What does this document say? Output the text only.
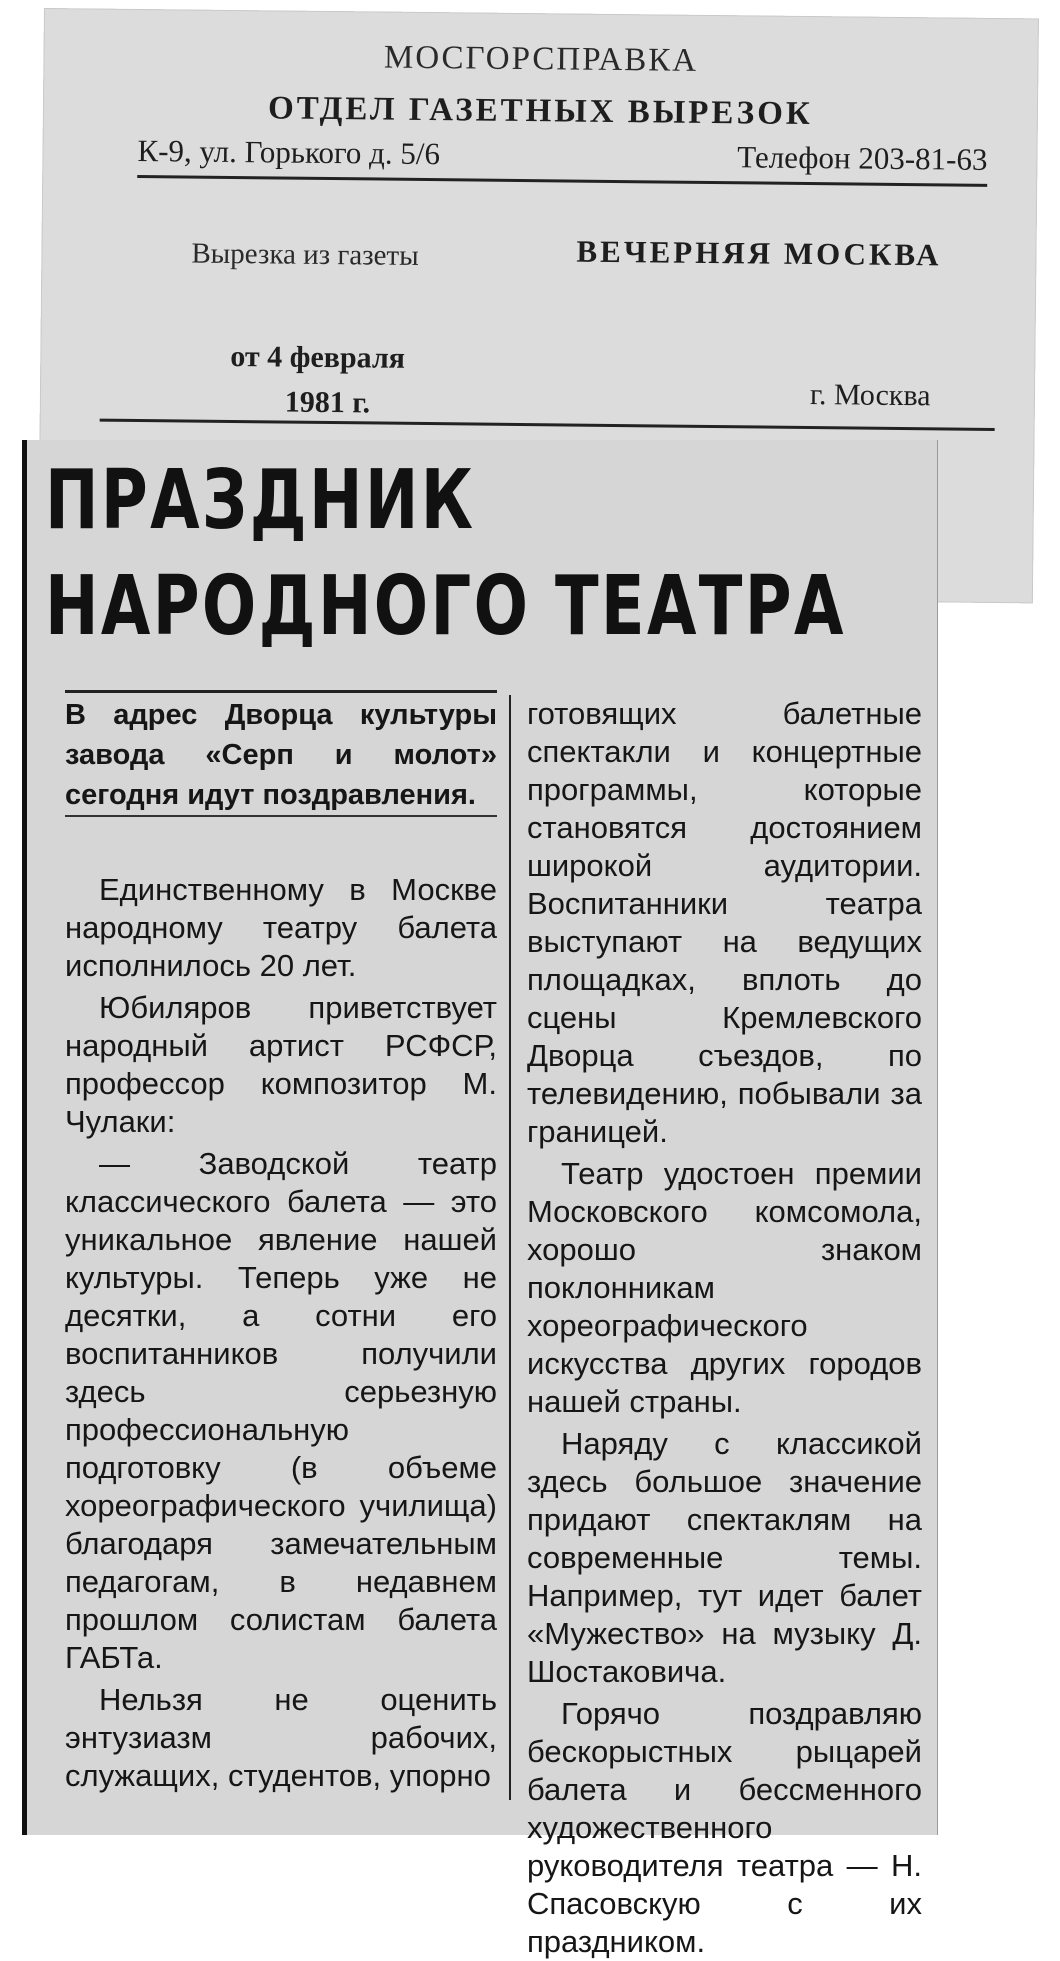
МОСГОРСПРАВКА
ОТДЕЛ ГАЗЕТНЫХ ВЫРЕЗОК
К-9, ул. Горького д. 5/6	Телефон 203-81-63
Вырезка из газеты	ВЕЧЕРНЯЯ МОСКВА
от 4 февраля
1981 г.	г. Москва
ПРАЗДНИК
НАРОДНОГО ТЕАТРА
В адрес Дворца культуры завода «Серп и молот» сегодня идут поздравления.

Единственному в Москве народному театру балета исполнилось 20 лет.

Юбиляров приветствует народный артист РСФСР, профессор композитор М. Чулаки:

— Заводской театр классического балета — это уникальное явление нашей культуры. Теперь уже не десятки, а сотни его воспитанников получили здесь серьезную профессиональную подготовку (в объеме хореографического училища) благодаря замечательным педагогам, в недавнем прошлом солистам балета ГАБТа.

Нельзя не оценить энтузиазм рабочих, служащих, студентов, упорно

готовящих балетные спектакли и концертные программы, которые становятся достоянием широкой аудитории. Воспитанники театра выступают на ведущих площадках, вплоть до сцены Кремлевского Дворца съездов, по телевидению, побывали за границей.

Театр удостоен премии Московского комсомола, хорошо знаком поклонникам хореографического искусства других городов нашей страны.

Наряду с классикой здесь большое значение придают спектаклям на современные темы. Например, тут идет балет «Мужество» на музыку Д. Шостаковича.

Горячо поздравляю бескорыстных рыцарей балета и бессменного художественного руководителя театра — Н. Спасовскую с их праздником.
